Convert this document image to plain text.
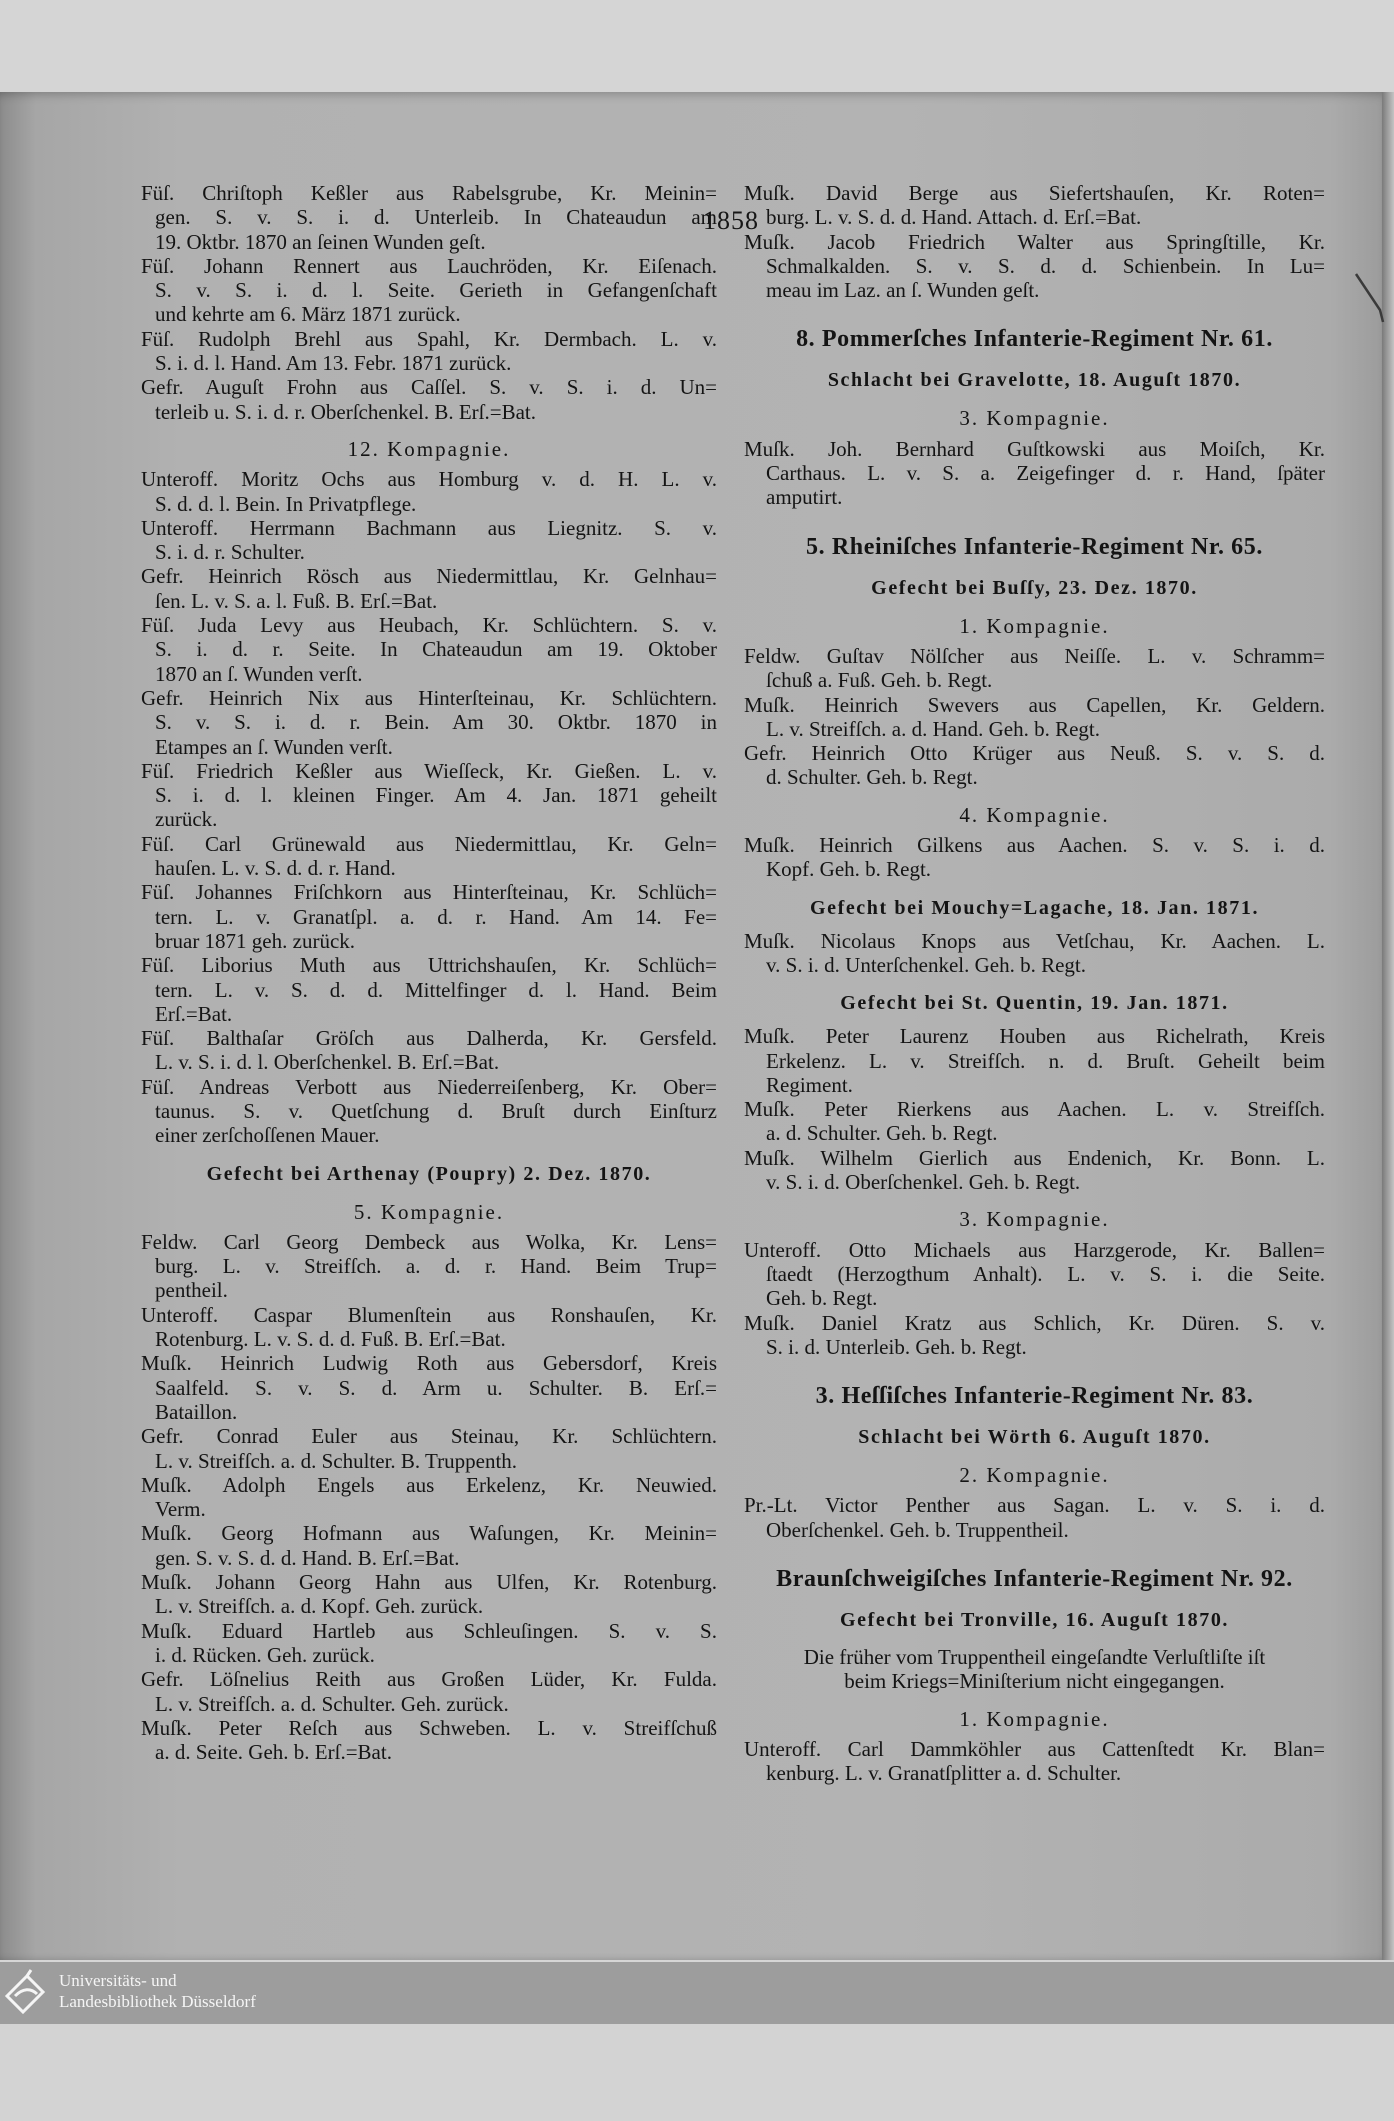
1858
Füſ. Chriſtoph Keßler aus Rabelsgrube, Kr. Meinin=
gen. S. v. S. i. d. Unterleib. In Chateaudun am
19. Oktbr. 1870 an ſeinen Wunden geſt.
Füſ. Johann Rennert aus Lauchröden, Kr. Eiſenach.
S. v. S. i. d. l. Seite. Gerieth in Gefangenſchaft
und kehrte am 6. März 1871 zurück.
Füſ. Rudolph Brehl aus Spahl, Kr. Dermbach. L. v.
S. i. d. l. Hand. Am 13. Febr. 1871 zurück.
Gefr. Auguſt Frohn aus Caſſel. S. v. S. i. d. Un=
terleib u. S. i. d. r. Oberſchenkel. B. Erſ.=Bat.
12. Kompagnie.
Unteroff. Moritz Ochs aus Homburg v. d. H. L. v.
S. d. d. l. Bein. In Privatpflege.
Unteroff. Herrmann Bachmann aus Liegnitz. S. v.
S. i. d. r. Schulter.
Gefr. Heinrich Rösch aus Niedermittlau, Kr. Gelnhau=
ſen. L. v. S. a. l. Fuß. B. Erſ.=Bat.
Füſ. Juda Levy aus Heubach, Kr. Schlüchtern. S. v.
S. i. d. r. Seite. In Chateaudun am 19. Oktober
1870 an ſ. Wunden verſt.
Gefr. Heinrich Nix aus Hinterſteinau, Kr. Schlüchtern.
S. v. S. i. d. r. Bein. Am 30. Oktbr. 1870 in
Etampes an ſ. Wunden verſt.
Füſ. Friedrich Keßler aus Wieſſeck, Kr. Gießen. L. v.
S. i. d. l. kleinen Finger. Am 4. Jan. 1871 geheilt
zurück.
Füſ. Carl Grünewald aus Niedermittlau, Kr. Geln=
hauſen. L. v. S. d. d. r. Hand.
Füſ. Johannes Friſchkorn aus Hinterſteinau, Kr. Schlüch=
tern. L. v. Granatſpl. a. d. r. Hand. Am 14. Fe=
bruar 1871 geh. zurück.
Füſ. Liborius Muth aus Uttrichshauſen, Kr. Schlüch=
tern. L. v. S. d. d. Mittelfinger d. l. Hand. Beim
Erſ.=Bat.
Füſ. Balthaſar Gröſch aus Dalherda, Kr. Gersfeld.
L. v. S. i. d. l. Oberſchenkel. B. Erſ.=Bat.
Füſ. Andreas Verbott aus Niederreiſenberg, Kr. Ober=
taunus. S. v. Quetſchung d. Bruſt durch Einſturz
einer zerſchoſſenen Mauer.
Gefecht bei Arthenay (Poupry) 2. Dez. 1870.
5. Kompagnie.
Feldw. Carl Georg Dembeck aus Wolka, Kr. Lens=
burg. L. v. Streifſch. a. d. r. Hand. Beim Trup=
pentheil.
Unteroff. Caspar Blumenſtein aus Ronshauſen, Kr.
Rotenburg. L. v. S. d. d. Fuß. B. Erſ.=Bat.
Muſk. Heinrich Ludwig Roth aus Gebersdorf, Kreis
Saalfeld. S. v. S. d. Arm u. Schulter. B. Erſ.=
Bataillon.
Gefr. Conrad Euler aus Steinau, Kr. Schlüchtern.
L. v. Streifſch. a. d. Schulter. B. Truppenth.
Muſk. Adolph Engels aus Erkelenz, Kr. Neuwied.
Verm.
Muſk. Georg Hofmann aus Waſungen, Kr. Meinin=
gen. S. v. S. d. d. Hand. B. Erſ.=Bat.
Muſk. Johann Georg Hahn aus Ulfen, Kr. Rotenburg.
L. v. Streifſch. a. d. Kopf. Geh. zurück.
Muſk. Eduard Hartleb aus Schleuſingen. S. v. S.
i. d. Rücken. Geh. zurück.
Gefr. Löſnelius Reith aus Großen Lüder, Kr. Fulda.
L. v. Streifſch. a. d. Schulter. Geh. zurück.
Muſk. Peter Reſch aus Schweben. L. v. Streifſchuß
a. d. Seite. Geh. b. Erſ.=Bat.
Muſk. David Berge aus Siefertshauſen, Kr. Roten=
burg. L. v. S. d. d. Hand. Attach. d. Erſ.=Bat.
Muſk. Jacob Friedrich Walter aus Springſtille, Kr.
Schmalkalden. S. v. S. d. d. Schienbein. In Lu=
meau im Laz. an ſ. Wunden geſt.
8. Pommerſches Infanterie-Regiment Nr. 61.
Schlacht bei Gravelotte, 18. Auguſt 1870.
3. Kompagnie.
Muſk. Joh. Bernhard Guſtkowski aus Moiſch, Kr.
Carthaus. L. v. S. a. Zeigefinger d. r. Hand, ſpäter
amputirt.
5. Rheiniſches Infanterie-Regiment Nr. 65.
Gefecht bei Buſſy, 23. Dez. 1870.
1. Kompagnie.
Feldw. Guſtav Nölſcher aus Neiſſe. L. v. Schramm=
ſchuß a. Fuß. Geh. b. Regt.
Muſk. Heinrich Swevers aus Capellen, Kr. Geldern.
L. v. Streifſch. a. d. Hand. Geh. b. Regt.
Gefr. Heinrich Otto Krüger aus Neuß. S. v. S. d.
d. Schulter. Geh. b. Regt.
4. Kompagnie.
Muſk. Heinrich Gilkens aus Aachen. S. v. S. i. d.
Kopf. Geh. b. Regt.
Gefecht bei Mouchy=Lagache, 18. Jan. 1871.
Muſk. Nicolaus Knops aus Vetſchau, Kr. Aachen. L.
v. S. i. d. Unterſchenkel. Geh. b. Regt.
Gefecht bei St. Quentin, 19. Jan. 1871.
Muſk. Peter Laurenz Houben aus Richelrath, Kreis
Erkelenz. L. v. Streifſch. n. d. Bruſt. Geheilt beim
Regiment.
Muſk. Peter Rierkens aus Aachen. L. v. Streifſch.
a. d. Schulter. Geh. b. Regt.
Muſk. Wilhelm Gierlich aus Endenich, Kr. Bonn. L.
v. S. i. d. Oberſchenkel. Geh. b. Regt.
3. Kompagnie.
Unteroff. Otto Michaels aus Harzgerode, Kr. Ballen=
ſtaedt (Herzogthum Anhalt). L. v. S. i. die Seite.
Geh. b. Regt.
Muſk. Daniel Kratz aus Schlich, Kr. Düren. S. v.
S. i. d. Unterleib. Geh. b. Regt.
3. Heſſiſches Infanterie-Regiment Nr. 83.
Schlacht bei Wörth 6. Auguſt 1870.
2. Kompagnie.
Pr.-Lt. Victor Penther aus Sagan. L. v. S. i. d.
Oberſchenkel. Geh. b. Truppentheil.
Braunſchweigiſches Infanterie-Regiment Nr. 92.
Gefecht bei Tronville, 16. Auguſt 1870.
Die früher vom Truppentheil eingeſandte Verluſtliſte iſt
beim Kriegs=Miniſterium nicht eingegangen.
1. Kompagnie.
Unteroff. Carl Dammköhler aus Cattenſtedt Kr. Blan=
kenburg. L. v. Granatſplitter a. d. Schulter.
Universitäts- und
Landesbibliothek Düsseldorf
